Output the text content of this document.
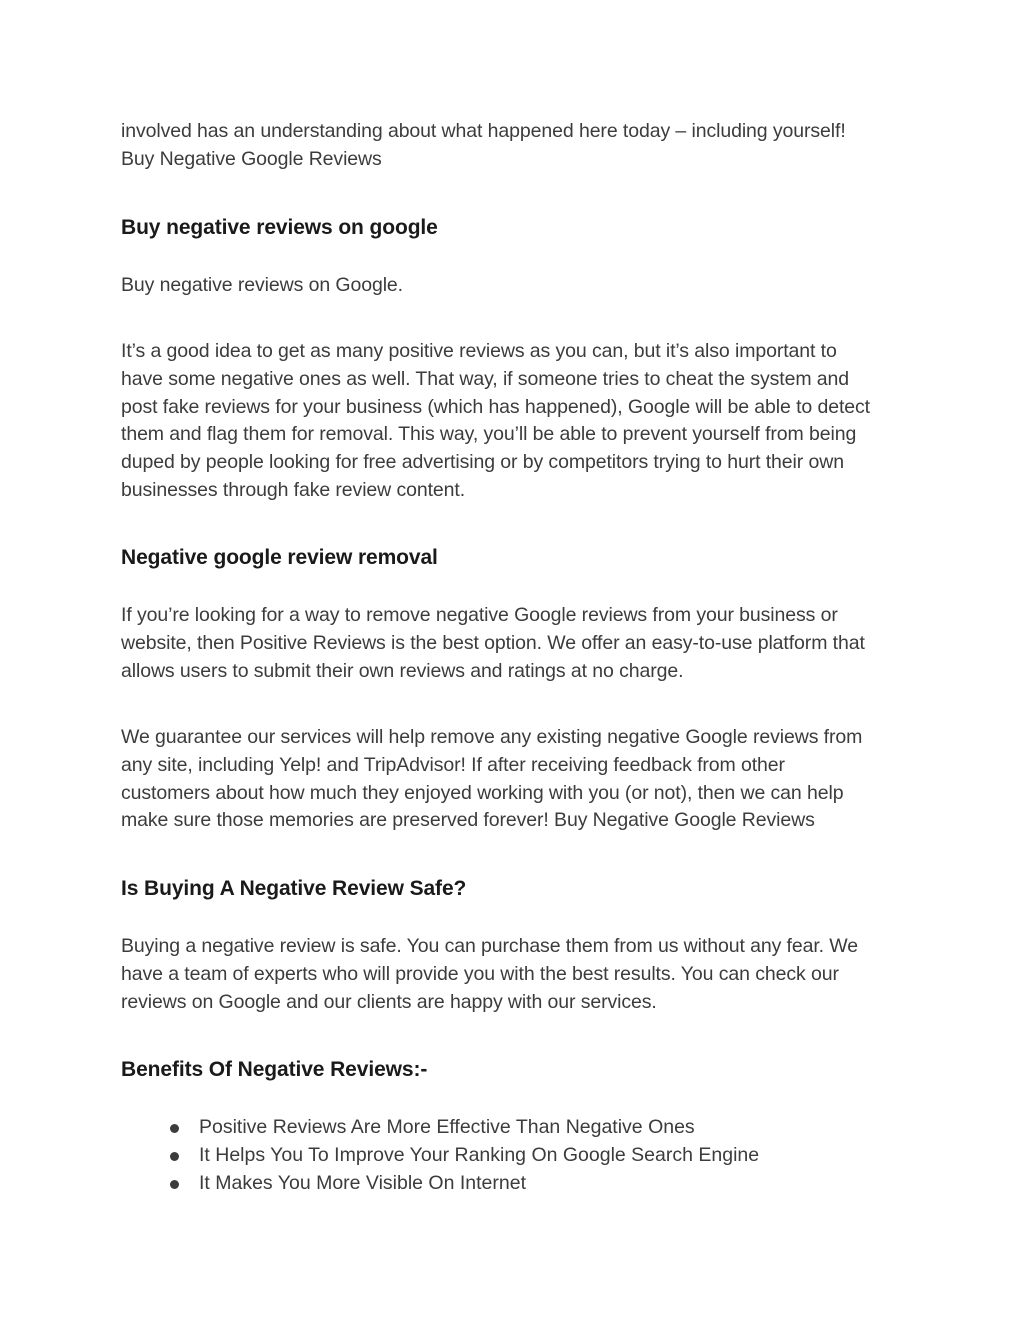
involved has an understanding about what happened here today – including yourself!

Buy Negative Google Reviews

Buy negative reviews on google

Buy negative reviews on Google.

It’s a good idea to get as many positive reviews as you can, but it’s also important to

have some negative ones as well. That way, if someone tries to cheat the system and

post fake reviews for your business (which has happened), Google will be able to detect

them and flag them for removal. This way, you’ll be able to prevent yourself from being

duped by people looking for free advertising or by competitors trying to hurt their own

businesses through fake review content.

Negative google review removal

If you’re looking for a way to remove negative Google reviews from your business or

website, then Positive Reviews is the best option. We offer an easy-to-use platform that

allows users to submit their own reviews and ratings at no charge.

We guarantee our services will help remove any existing negative Google reviews from

any site, including Yelp! and TripAdvisor! If after receiving feedback from other

customers about how much they enjoyed working with you (or not), then we can help

make sure those memories are preserved forever! Buy Negative Google Reviews

Is Buying A Negative Review Safe?

Buying a negative review is safe. You can purchase them from us without any fear. We

have a team of experts who will provide you with the best results. You can check our

reviews on Google and our clients are happy with our services.

Benefits Of Negative Reviews:-
Positive Reviews Are More Effective Than Negative Ones
It Helps You To Improve Your Ranking On Google Search Engine
It Makes You More Visible On Internet
